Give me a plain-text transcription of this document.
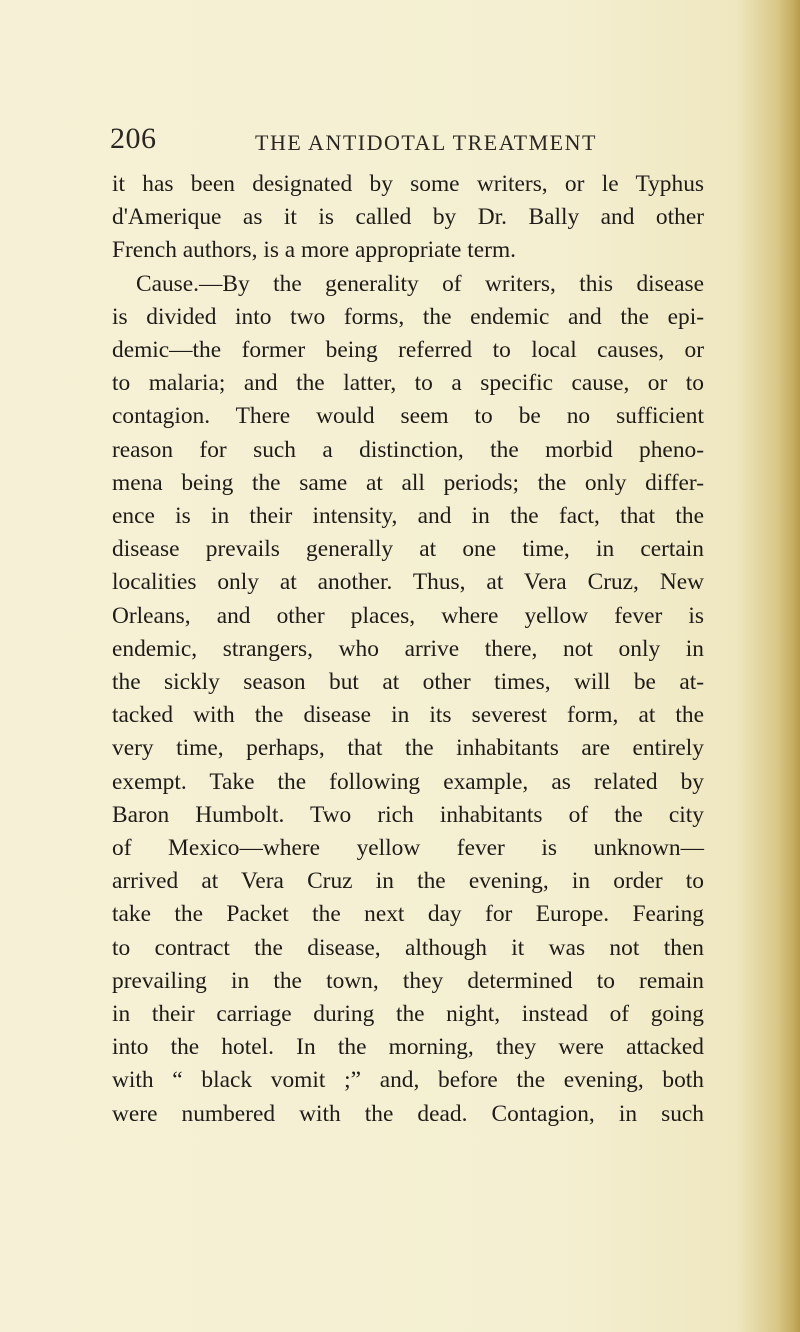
206	THE ANTIDOTAL TREATMENT
it has been designated by some writers, or le Typhus
d'Amerique as it is called by Dr. Bally and other
French authors, is a more appropriate term.
Cause.—By the generality of writers, this disease
is divided into two forms, the endemic and the epi-
demic—the former being referred to local causes, or
to malaria; and the latter, to a specific cause, or to
contagion. There would seem to be no sufficient
reason for such a distinction, the morbid pheno-
mena being the same at all periods; the only differ-
ence is in their intensity, and in the fact, that the
disease prevails generally at one time, in certain
localities only at another. Thus, at Vera Cruz, New
Orleans, and other places, where yellow fever is
endemic, strangers, who arrive there, not only in
the sickly season but at other times, will be at-
tacked with the disease in its severest form, at the
very time, perhaps, that the inhabitants are entirely
exempt. Take the following example, as related by
Baron Humbolt. Two rich inhabitants of the city
of Mexico—where yellow fever is unknown—
arrived at Vera Cruz in the evening, in order to
take the Packet the next day for Europe. Fearing
to contract the disease, although it was not then
prevailing in the town, they determined to remain
in their carriage during the night, instead of going
into the hotel. In the morning, they were attacked
with “ black vomit ;” and, before the evening, both
were numbered with the dead. Contagion, in such
